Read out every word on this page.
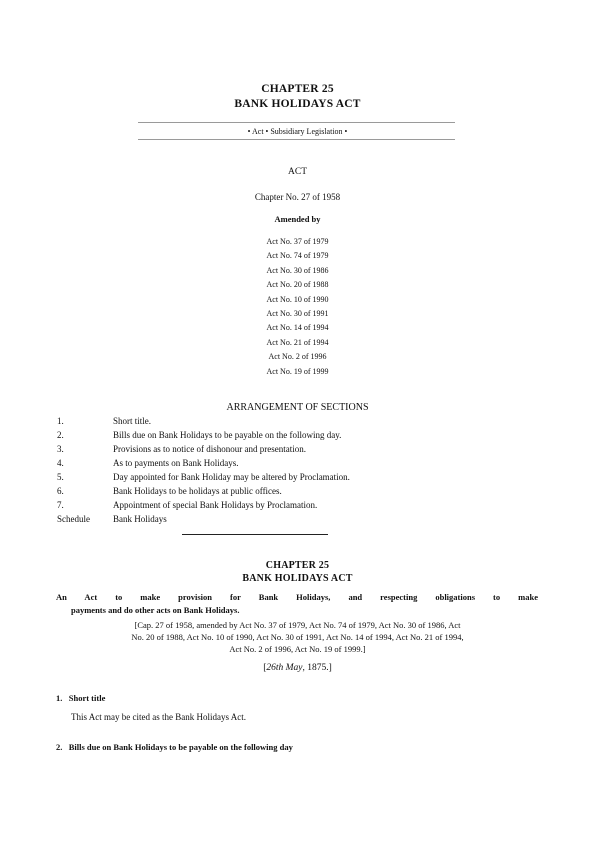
CHAPTER 25
BANK HOLIDAYS ACT
• Act • Subsidiary Legislation •
ACT
Chapter No. 27 of 1958
Amended by
Act No. 37 of 1979
Act No. 74 of 1979
Act No. 30 of 1986
Act No. 20 of 1988
Act No. 10 of 1990
Act No. 30 of 1991
Act No. 14 of 1994
Act No. 21 of 1994
Act No. 2 of 1996
Act No. 19 of 1999
ARRANGEMENT OF SECTIONS
1.	Short title.
2.	Bills due on Bank Holidays to be payable on the following day.
3.	Provisions as to notice of dishonour and presentation.
4.	As to payments on Bank Holidays.
5.	Day appointed for Bank Holiday may be altered by Proclamation.
6.	Bank Holidays to be holidays at public offices.
7.	Appointment of special Bank Holidays by Proclamation.
Schedule	Bank Holidays
CHAPTER 25
BANK HOLIDAYS ACT
An Act to make provision for Bank Holidays, and respecting obligations to make
payments and do other acts on Bank Holidays.
[Cap. 27 of 1958, amended by Act No. 37 of 1979, Act No. 74 of 1979, Act No. 30 of 1986, Act
No. 20 of 1988, Act No. 10 of 1990, Act No. 30 of 1991, Act No. 14 of 1994, Act No. 21 of 1994,
Act No. 2 of 1996, Act No. 19 of 1999.]
[26th May, 1875.]
1. Short title
This Act may be cited as the Bank Holidays Act.
2. Bills due on Bank Holidays to be payable on the following day
